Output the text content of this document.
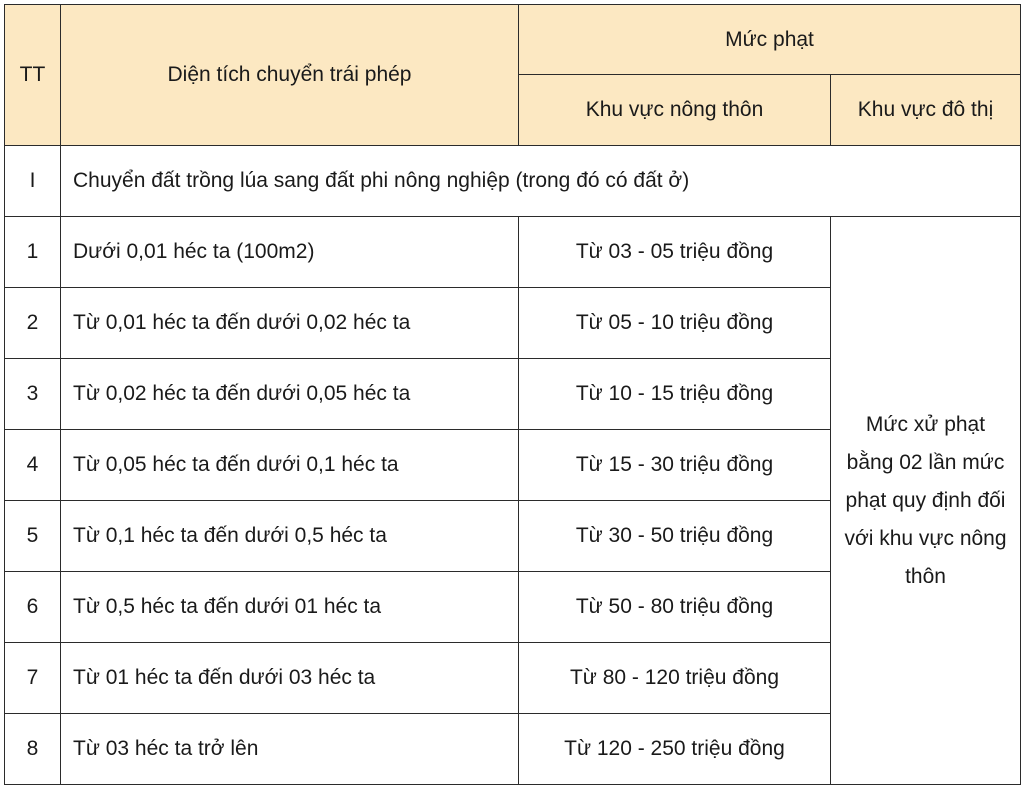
TT	Diện tích chuyển trái phép	Mức phạt	
		Khu vực nông thôn	Khu vực đô thị
I	Chuyển đất trồng lúa sang đất phi nông nghiệp (trong đó có đất ở)		
1	Dưới 0,01 héc ta (100m2)	Từ 03 - 05 triệu đồng	Mức xử phạt bằng 02 lần mức phạt quy định đối với khu vực nông thôn
2	Từ 0,01 héc ta đến dưới 0,02 héc ta	Từ 05 - 10 triệu đồng	
3	Từ 0,02 héc ta đến dưới 0,05 héc ta	Từ 10 - 15 triệu đồng	
4	Từ 0,05 héc ta đến dưới 0,1 héc ta	Từ 15 - 30 triệu đồng	
5	Từ 0,1 héc ta đến dưới 0,5 héc ta	Từ 30 - 50 triệu đồng	
6	Từ 0,5 héc ta đến dưới 01 héc ta	Từ 50 - 80 triệu đồng	
7	Từ 01 héc ta đến dưới 03 héc ta	Từ 80 - 120 triệu đồng	
8	Từ 03 héc ta trở lên	Từ 120 - 250 triệu đồng	
